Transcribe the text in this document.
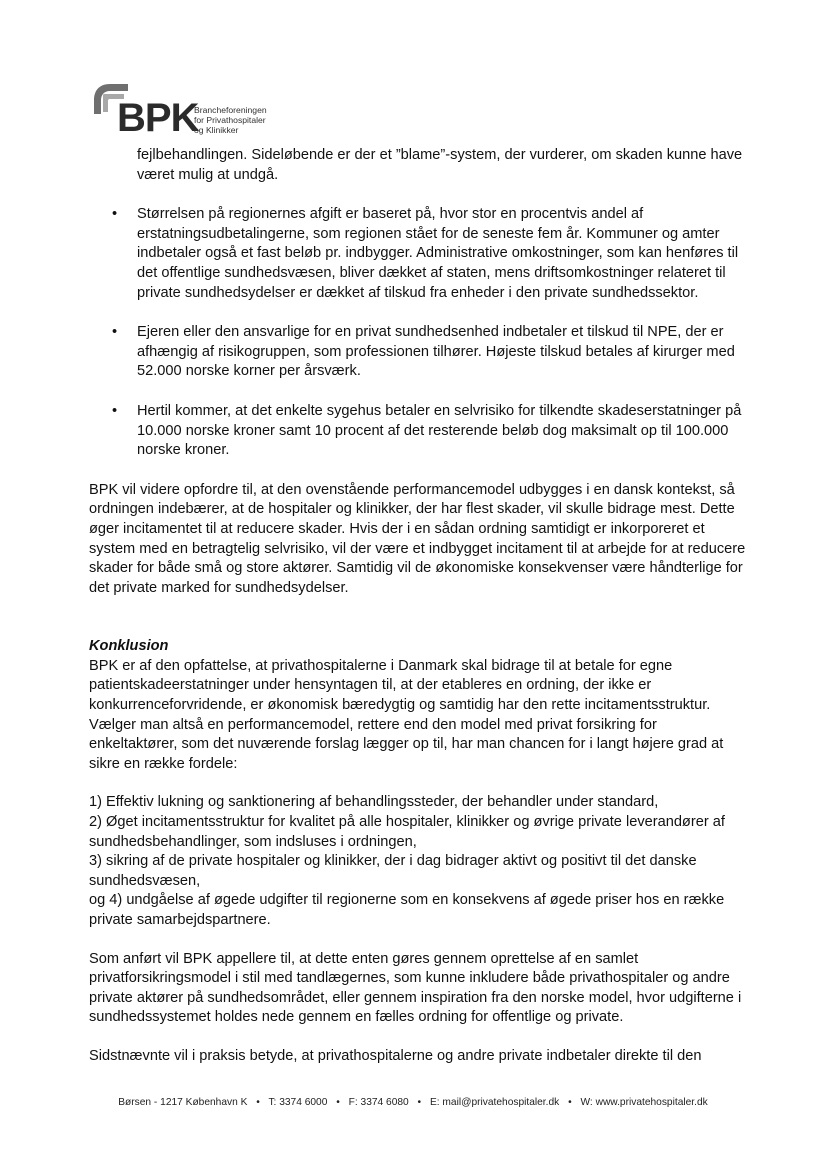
BPK
Brancheforeningen
for Privathospitaler
og Klinikker

fejlbehandlingen. Sideløbende er der et ”blame”-system, der vurderer, om skaden kunne have været mulig at undgå.

• Størrelsen på regionernes afgift er baseret på, hvor stor en procentvis andel af erstatningsudbetalingerne, som regionen stået for de seneste fem år. Kommuner og amter indbetaler også et fast beløb pr. indbygger. Administrative omkostninger, som kan henføres til det offentlige sundhedsvæsen, bliver dækket af staten, mens driftsomkostninger relateret til private sundhedsydelser er dækket af tilskud fra enheder i den private sundhedssektor.
• Ejeren eller den ansvarlige for en privat sundhedsenhed indbetaler et tilskud til NPE, der er afhængig af risikogruppen, som professionen tilhører. Højeste tilskud betales af kirurger med 52.000 norske korner per årsværk.
• Hertil kommer, at det enkelte sygehus betaler en selvrisiko for tilkendte skadeserstatninger på 10.000 norske kroner samt 10 procent af det resterende beløb dog maksimalt op til 100.000 norske kroner.

BPK vil videre opfordre til, at den ovenstående performancemodel udbygges i en dansk kontekst, så ordningen indebærer, at de hospitaler og klinikker, der har flest skader, vil skulle bidrage mest. Dette øger incitamentet til at reducere skader. Hvis der i en sådan ordning samtidigt er inkorporeret et system med en betragtelig selvrisiko, vil der være et indbygget incitament til at arbejde for at reducere skader for både små og store aktører. Samtidig vil de økonomiske konsekvenser være håndterlige for det private marked for sundhedsydelser.

Konklusion

BPK er af den opfattelse, at privathospitalerne i Danmark skal bidrage til at betale for egne patientskadeerstatninger under hensyntagen til, at der etableres en ordning, der ikke er konkurrenceforvridende, er økonomisk bæredygtig og samtidig har den rette incitamentsstruktur. Vælger man altså en performancemodel, rettere end den model med privat forsikring for enkeltaktører, som det nuværende forslag lægger op til, har man chancen for i langt højere grad at sikre en række fordele:

1) Effektiv lukning og sanktionering af behandlingssteder, der behandler under standard,

2) Øget incitamentsstruktur for kvalitet på alle hospitaler, klinikker og øvrige private leverandører af sundhedsbehandlinger, som indsluses i ordningen,

3) sikring af de private hospitaler og klinikker, der i dag bidrager aktivt og positivt til det danske sundhedsvæsen,

og 4) undgåelse af øgede udgifter til regionerne som en konsekvens af øgede priser hos en række private samarbejdspartnere.

Som anført vil BPK appellere til, at dette enten gøres gennem oprettelse af en samlet privatforsikringsmodel i stil med tandlægernes, som kunne inkludere både privathospitaler og andre private aktører på sundhedsområdet, eller gennem inspiration fra den norske model, hvor udgifterne i sundhedssystemet holdes nede gennem en fælles ordning for offentlige og private.

Sidstnævnte vil i praksis betyde, at privathospitalerne og andre private indbetaler direkte til den

Børsen - 1217 København K • T: 3374 6000 • F: 3374 6080 • E: mail@privatehospitaler.dk • W: www.privatehospitaler.dk
